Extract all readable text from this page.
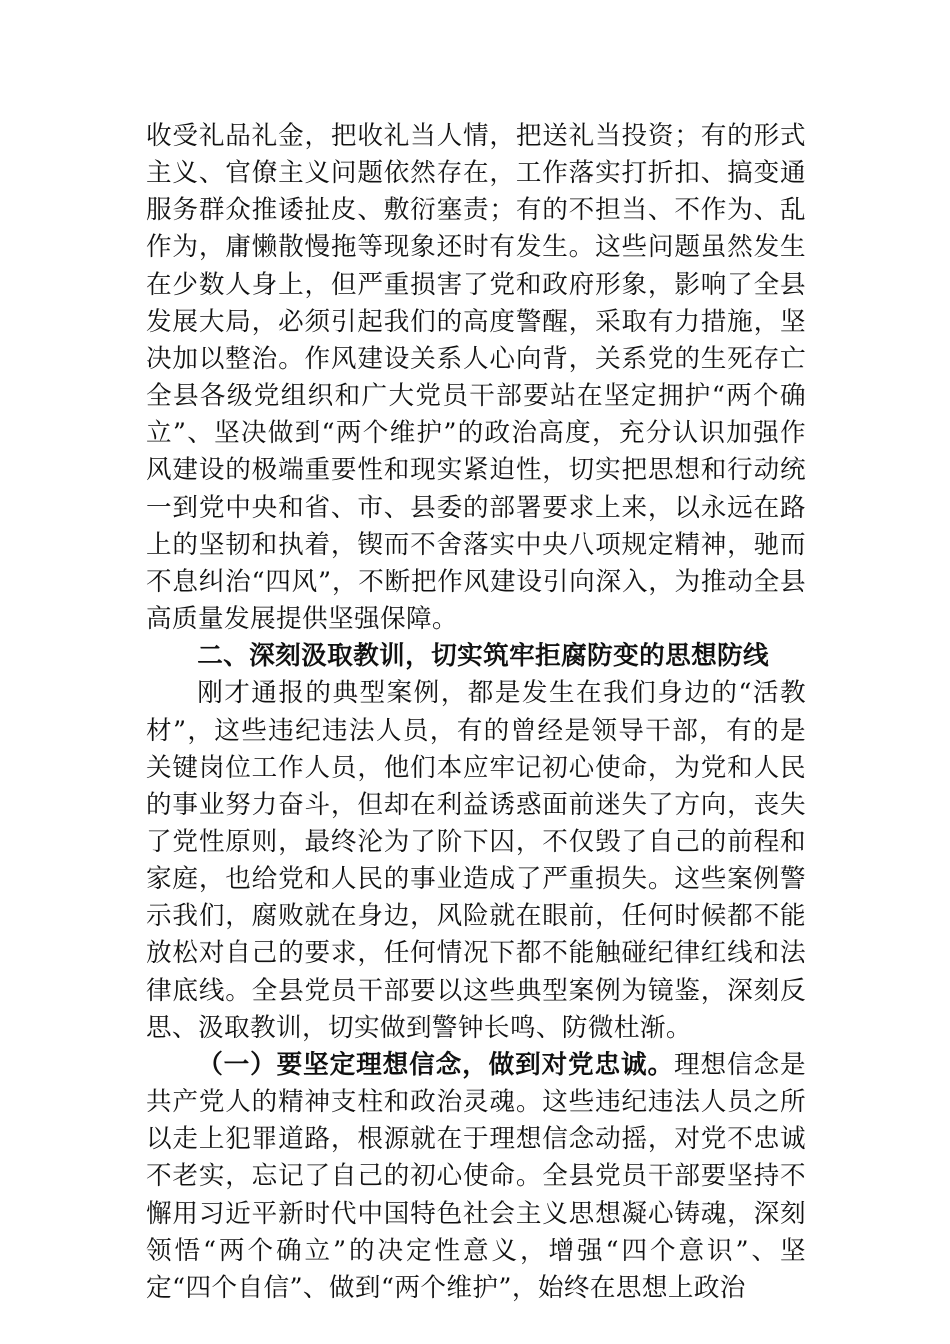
收受礼品礼金，把收礼当人情，把送礼当投资；有的形式主义、官僚主义问题依然存在，工作落实打折扣、搞变通服务群众推诿扯皮、敷衍塞责；有的不担当、不作为、乱作为，庸懒散慢拖等现象还时有发生。这些问题虽然发生在少数人身上，但严重损害了党和政府形象，影响了全县发展大局，必须引起我们的高度警醒，采取有力措施，坚决加以整治。作风建设关系人心向背，关系党的生死存亡全县各级党组织和广大党员干部要站在坚定拥护“两个确立”、坚决做到“两个维护”的政治高度，充分认识加强作风建设的极端重要性和现实紧迫性，切实把思想和行动统一到党中央和省、市、县委的部署要求上来，以永远在路上的坚韧和执着，锲而不舍落实中央八项规定精神，驰而不息纠治“四风”，不断把作风建设引向深入，为推动全县高质量发展提供坚强保障。

二、深刻汲取教训，切实筑牢拒腐防变的思想防线

刚才通报的典型案例，都是发生在我们身边的“活教材”，这些违纪违法人员，有的曾经是领导干部，有的是关键岗位工作人员，他们本应牢记初心使命，为党和人民的事业努力奋斗，但却在利益诱惑面前迷失了方向，丧失了党性原则，最终沦为了阶下囚，不仅毁了自己的前程和家庭，也给党和人民的事业造成了严重损失。这些案例警示我们，腐败就在身边，风险就在眼前，任何时候都不能放松对自己的要求，任何情况下都不能触碰纪律红线和法律底线。全县党员干部要以这些典型案例为镜鉴，深刻反思、汲取教训，切实做到警钟长鸣、防微杜渐。

（一）要坚定理想信念，做到对党忠诚。理想信念是共产党人的精神支柱和政治灵魂。这些违纪违法人员之所以走上犯罪道路，根源就在于理想信念动摇，对党不忠诚不老实，忘记了自己的初心使命。全县党员干部要坚持不懈用习近平新时代中国特色社会主义思想凝心铸魂，深刻领悟“两个确立”的决定性意义，增强“四个意识”、坚定“四个自信”、做到“两个维护”，始终在思想上政治
